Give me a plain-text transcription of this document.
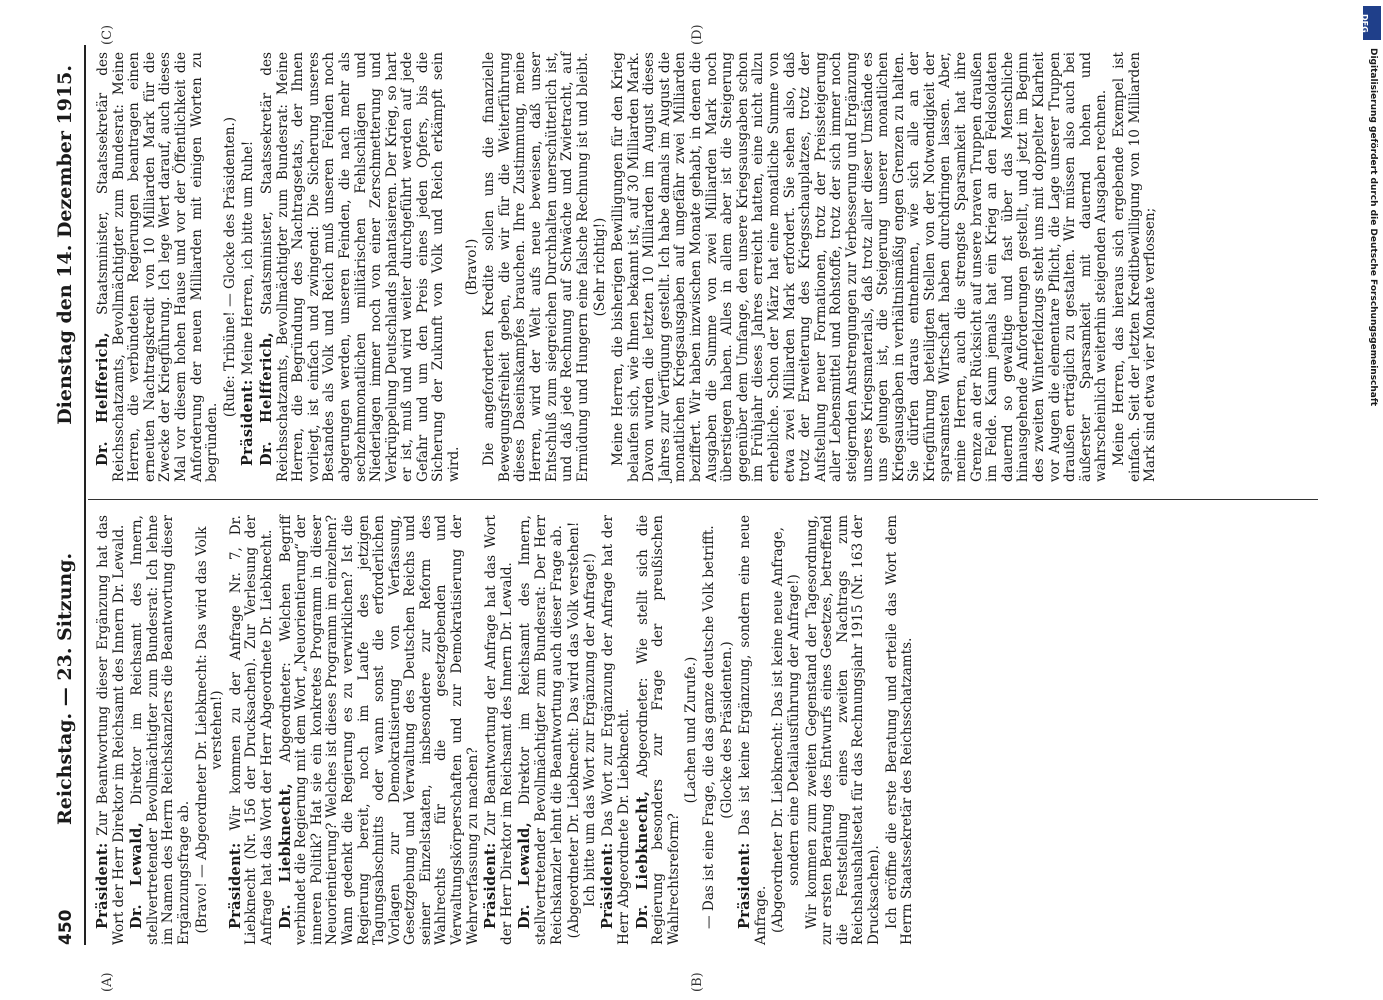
450
Reichstag. — 23. Sitzung.
Dienstag den 14. Dezember 1915.
(A)	(B)
(C)	(D)

Präsident: Zur Beantwortung dieser Ergänzung hat das Wort der Herr Direktor im Reichsamt des Innern Dr. Lewald. Dr. Lewald, Direktor im Reichsamt des Innern, stellvertretender Bevollmächtigter zum Bundesrat: Ich lehne im Namen des Herrn Reichskanzlers die Beantwortung dieser Ergänzungsfrage ab. (Bravo! — Abgeordneter Dr. Liebknecht: Das wird das Volk verstehen!)

Präsident: Wir kommen zu der Anfrage Nr. 7, Dr. Liebknecht (Nr. 156 der Drucksachen). Zur Verlesung der Anfrage hat das Wort der Herr Abgeordnete Dr. Liebknecht. Dr. Liebknecht, Abgeordneter: Welchen Begriff verbindet die Regierung mit dem Wort „Neuorientierung“ der inneren Politik? Hat sie ein konkretes Programm in dieser Neuorientierung? Welches ist dieses Programm im einzelnen? Wann gedenkt die Regierung es zu verwirklichen? Ist die Regierung bereit, noch im Laufe des jetzigen Tagungsabschnitts oder wann sonst die erforderlichen Vorlagen zur Demokratisierung von Verfassung, Gesetzgebung und Verwaltung des Deutschen Reichs und seiner Einzelstaaten, insbesondere zur Reform des Wahlrechts für die gesetzgebenden und Verwaltungskörperschaften und zur Demokratisierung der Wehrverfassung zu machen? Präsident: Zur Beantwortung der Anfrage hat das Wort der Herr Direktor im Reichsamt des Innern Dr. Lewald. Dr. Lewald, Direktor im Reichsamt des Innern, stellvertretender Bevollmächtigter zum Bundesrat: Der Herr Reichskanzler lehnt die Beantwortung auch dieser Frage ab. (Abgeordneter Dr. Liebknecht: Das wird das Volk verstehen! Ich bitte um das Wort zur Ergänzung der Anfrage!) Präsident: Das Wort zur Ergänzung der Anfrage hat der Herr Abgeordnete Dr. Liebknecht. Dr. Liebknecht, Abgeordneter: Wie stellt sich die Regierung besonders zur Frage der preußischen Wahlrechtsreform?

(Lachen und Zurufe.) — Das ist eine Frage, die das ganze deutsche Volk betrifft. (Glocke des Präsidenten.)

Präsident: Das ist keine Ergänzung, sondern eine neue Anfrage. (Abgeordneter Dr. Liebknecht: Das ist keine neue Anfrage, sondern eine Detailausführung der Anfrage!) Wir kommen zum zweiten Gegenstand der Tagesordnung, zur ersten Beratung des Entwurfs eines Gesetzes, betreffend die Feststellung eines zweiten Nachtrags zum Reichshaushaltsetat für das Rechnungsjahr 1915 (Nr. 163 der Drucksachen). Ich eröffne die erste Beratung und erteile das Wort dem Herrn Staatssekretär des Reichsschatzamts.

Dr. Helfferich, Staatsminister, Staatssekretär des Reichsschatzamts, Bevollmächtigter zum Bundesrat: Meine Herren, die verbündeten Regierungen beantragen einen erneuten Nachtragskredit von 10 Milliarden Mark für die Zwecke der Kriegführung. Ich lege Wert darauf, auch dieses Mal vor diesem hohen Hause und vor der Öffentlichkeit die Anforderung der neuen Milliarden mit einigen Worten zu begründen.

(Rufe: Tribüne! — Glocke des Präsidenten.)

Präsident: Meine Herren, ich bitte um Ruhe!

Dr. Helfferich, Staatsminister, Staatssekretär des Reichsschatzamts, Bevollmächtigter zum Bundesrat: Meine Herren, die Begründung des Nachtragsetats, der Ihnen vorliegt, ist einfach und zwingend: Die Sicherung unseres Bestandes als Volk und Reich muß unseren Feinden noch abgerungen werden, unseren Feinden, die nach mehr als sechzehnmonatlichen militärischen Fehlschlägen und Niederlagen immer noch von einer Zerschmetterung und Verkrüppelung Deutschlands phantasieren. Der Krieg, so hart er ist, muß und wird weiter durchgeführt werden auf jede Gefahr und um den Preis eines jeden Opfers, bis die Sicherung der Zukunft von Volk und Reich erkämpft sein wird.

(Bravo!) Die angeforderten Kredite sollen uns die finanzielle Bewegungsfreiheit geben, die wir für die Weiterführung dieses Daseinskampfes brauchen. Ihre Zustimmung, meine Herren, wird der Welt aufs neue beweisen, daß unser Entschluß zum siegreichen Durchhalten unerschütterlich ist, und daß jede Rechnung auf Schwäche und Zwietracht, auf Ermüdung und Hungern eine falsche Rechnung ist und bleibt. (Sehr richtig!) Meine Herren, die bisherigen Bewilligungen für den Krieg belaufen sich, wie Ihnen bekannt ist, auf 30 Milliarden Mark. Davon wurden die letzten 10 Milliarden im August dieses Jahres zur Verfügung gestellt. Ich habe damals im August die monatlichen Kriegsausgaben auf ungefähr zwei Milliarden beziffert. Wir haben inzwischen Monate gehabt, in denen die Ausgaben die Summe von zwei Milliarden Mark noch überstiegen haben. Alles in allem aber ist die Steigerung gegenüber dem Umfange, den unsere Kriegsausgaben schon im Frühjahr dieses Jahres erreicht hatten, eine nicht allzu erhebliche. Schon der März hat eine monatliche Summe von etwa zwei Milliarden Mark erfordert. Sie sehen also, daß trotz der Erweiterung des Kriegsschauplatzes, trotz der Aufstellung neuer Formationen, trotz der Preissteigerung aller Lebensmittel und Rohstoffe, trotz der sich immer noch steigernden Anstrengungen zur Verbesserung und Ergänzung unseres Kriegsmaterials, daß trotz aller dieser Umstände es uns gelungen ist, die Steigerung unserer monatlichen Kriegsausgaben in verhältnismäßig engen Grenzen zu halten. Sie dürfen daraus entnehmen, wie sich alle an der Kriegführung beteiligten Stellen von der Notwendigkeit der sparsamsten Wirtschaft haben durchdringen lassen. Aber, meine Herren, auch die strengste Sparsamkeit hat ihre Grenze an der Rücksicht auf unsere braven Truppen draußen im Felde. Kaum jemals hat ein Krieg an den Feldsoldaten dauernd so gewaltige und fast über das Menschliche hinausgehende Anforderungen gestellt, und jetzt im Beginn des zweiten Winterfeldzugs steht uns mit doppelter Klarheit vor Augen die elementare Pflicht, die Lage unserer Truppen draußen erträglich zu gestalten. Wir müssen also auch bei äußerster Sparsamkeit mit dauernd hohen und wahrscheinlich weiterhin steigenden Ausgaben rechnen. Meine Herren, das hieraus sich ergebende Exempel ist einfach. Seit der letzten Kreditbewilligung von 10 Milliarden Mark sind etwa vier Monate verflossen;

DFG
Digitalisierung gefördert durch die Deutsche Forschungsgemeinschaft
